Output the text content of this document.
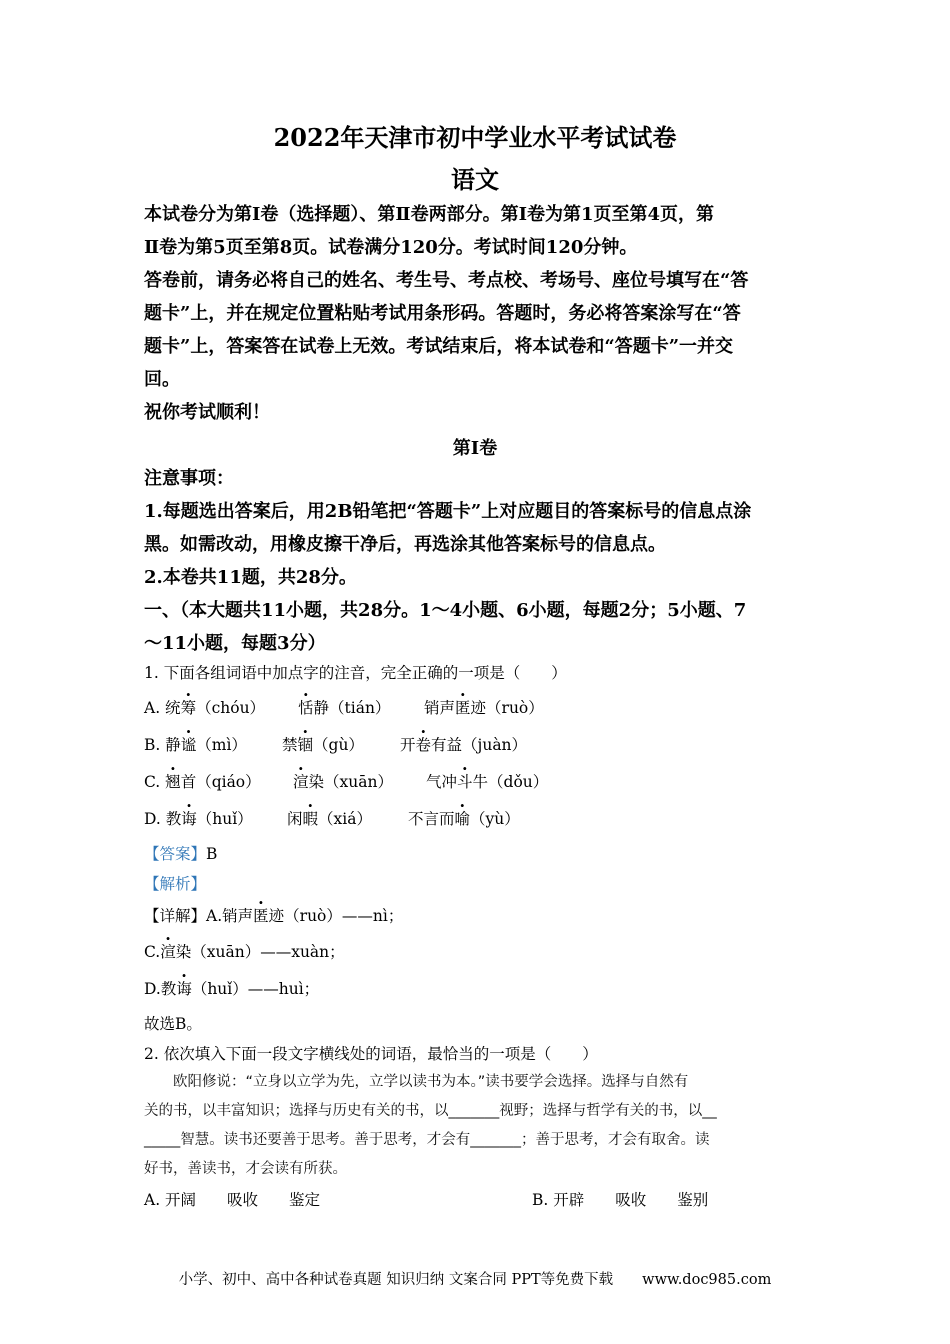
2022年天津市初中学业水平考试试卷
语文
本试卷分为第Ⅰ卷（选择题）、第Ⅱ卷两部分。第Ⅰ卷为第1页至第4页，第
Ⅱ卷为第5页至第8页。试卷满分120分。考试时间120分钟。
答卷前，请务必将自己的姓名、考生号、考点校、考场号、座位号填写在“答
题卡”上，并在规定位置粘贴考试用条形码。答题时，务必将答案涂写在“答
题卡”上，答案答在试卷上无效。考试结束后，将本试卷和“答题卡”一并交
回。
祝你考试顺利！
第Ⅰ卷
注意事项：
1.每题选出答案后，用2B铅笔把“答题卡”上对应题目的答案标号的信息点涂
黑。如需改动，用橡皮擦干净后，再选涂其他答案标号的信息点。
2.本卷共11题，共28分。
一、（本大题共11小题，共28分。1～4小题、6小题，每题2分；5小题、7
～11小题，每题3分）
1. 下面各组词语中加点字的注音，完全正确的一项是（　　）
A. 统筹（chóu） 恬静（tián） 销声匿迹（ruò）
B. 静谧（mì） 禁锢（gù） 开卷有益（juàn）
C. 翘首（qiáo） 渲染（xuān） 气冲斗牛（dǒu）
D. 教诲（huǐ） 闲暇（xiá） 不言而喻（yù）
【答案】B
【解析】
【详解】A.销声匿迹（ruò）——nì；
C.渲染（xuān）——xuàn；
D.教诲（huǐ）——huì；
故选B。
2. 依次填入下面一段文字横线处的词语，最恰当的一项是（　　）

　　欧阳修说：“立身以立学为先，立学以读书为本。”读书要学会选择。选择与自然有

关的书，以丰富知识；选择与历史有关的书，以_______视野；选择与哲学有关的书，以__

_____智慧。读书还要善于思考。善于思考，才会有_______；善于思考，才会有取舍。读

好书，善读书，才会读有所获。

A. 开阔　　吸收　　鉴定	B. 开辟　　吸收　　鉴别
小学、初中、高中各种试卷真题 知识归纳 文案合同 PPT等免费下载　　www.doc985.com
